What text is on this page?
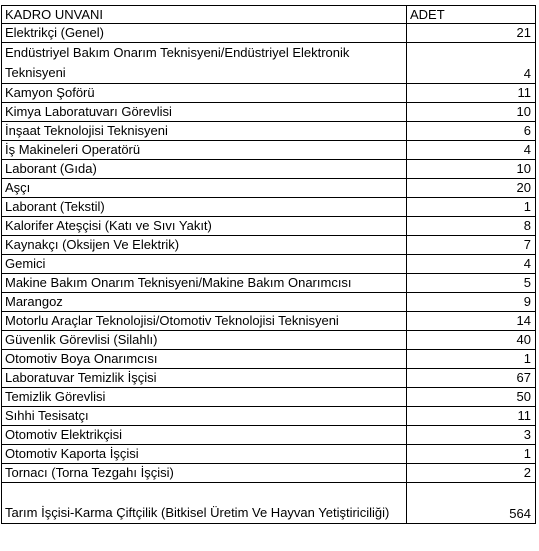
KADRO UNVANI	ADET
Elektrikçi (Genel)	21
Endüstriyel Bakım Onarım Teknisyeni/Endüstriyel Elektronik Teknisyeni	4
Kamyon Şoförü	11
Kimya Laboratuvarı Görevlisi	10
İnşaat Teknolojisi Teknisyeni	6
İş Makineleri Operatörü	4
Laborant (Gıda)	10
Aşçı	20
Laborant (Tekstil)	1
Kalorifer Ateşçisi (Katı ve Sıvı Yakıt)	8
Kaynakçı (Oksijen Ve Elektrik)	7
Gemici	4
Makine Bakım Onarım Teknisyeni/Makine Bakım Onarımcısı	5
Marangoz	9
Motorlu Araçlar Teknolojisi/Otomotiv Teknolojisi Teknisyeni	14
Güvenlik Görevlisi (Silahlı)	40
Otomotiv Boya Onarımcısı	1
Laboratuvar Temizlik İşçisi	67
Temizlik Görevlisi	50
Sıhhi Tesisatçı	11
Otomotiv Elektrikçisi	3
Otomotiv Kaporta İşçisi	1
Tornacı (Torna Tezgahı İşçisi)	2
Tarım İşçisi-Karma Çiftçilik (Bitkisel Üretim Ve Hayvan Yetiştiriciliği)	564
